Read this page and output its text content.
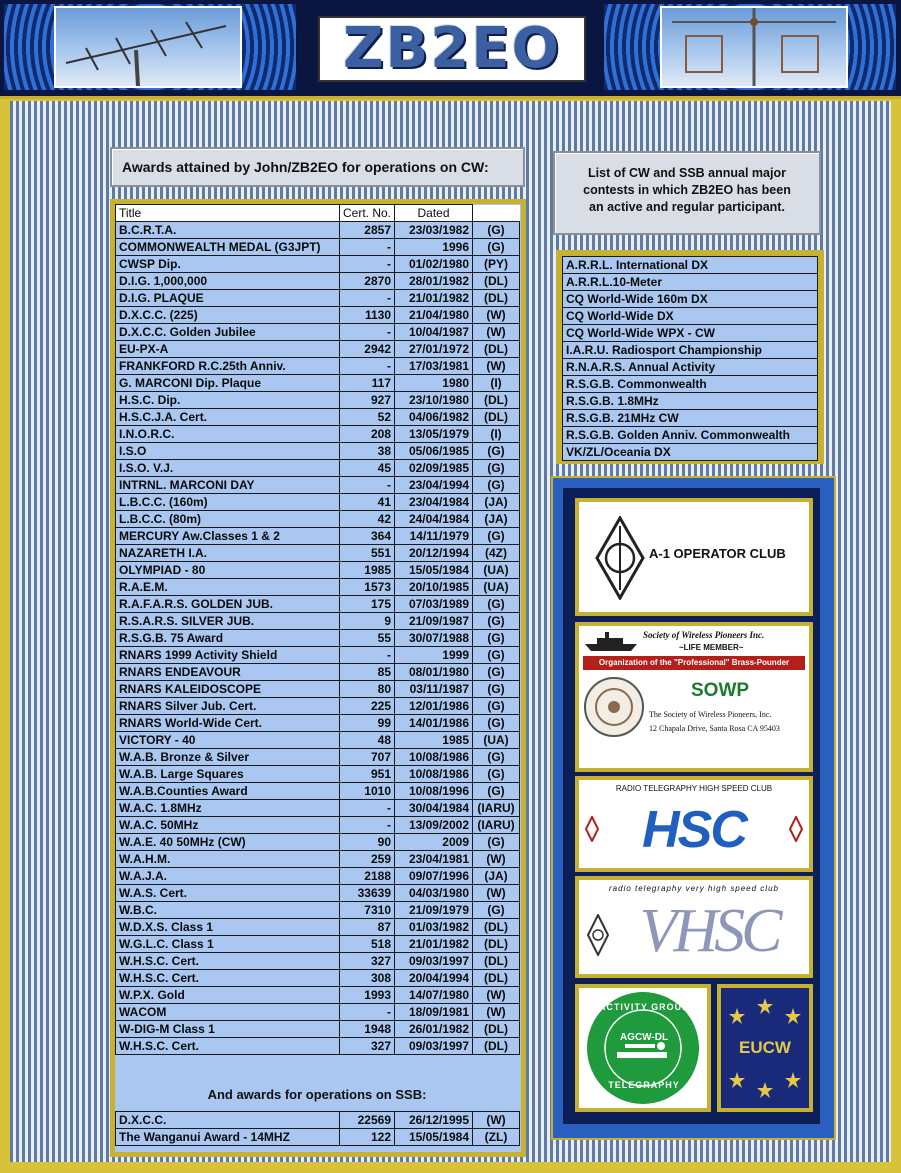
ZB2EO
Awards attained by John/ZB2EO for operations on CW:	List of CW and SSB annual major contests in which ZB2EO has been an active and regular participant.
Title	Cert. No.	Dated	
B.C.R.T.A.	2857	23/03/1982	(G)
COMMONWEALTH MEDAL (G3JPT)	-	1996	(G)
CWSP Dip.	-	01/02/1980	(PY)
D.I.G. 1,000,000	2870	28/01/1982	(DL)
D.I.G. PLAQUE	-	21/01/1982	(DL)
D.X.C.C. (225)	1130	21/04/1980	(W)
D.X.C.C. Golden Jubilee	-	10/04/1987	(W)
EU-PX-A	2942	27/01/1972	(DL)
FRANKFORD R.C.25th Anniv.	-	17/03/1981	(W)
G. MARCONI Dip. Plaque	117	1980	(I)
H.S.C. Dip.	927	23/10/1980	(DL)
H.S.C.J.A. Cert.	52	04/06/1982	(DL)
I.N.O.R.C.	208	13/05/1979	(I)
I.S.O	38	05/06/1985	(G)
I.S.O. V.J.	45	02/09/1985	(G)
INTRNL. MARCONI DAY	-	23/04/1994	(G)
L.B.C.C. (160m)	41	23/04/1984	(JA)
L.B.C.C. (80m)	42	24/04/1984	(JA)
MERCURY Aw.Classes 1 & 2	364	14/11/1979	(G)
NAZARETH I.A.	551	20/12/1994	(4Z)
OLYMPIAD - 80	1985	15/05/1984	(UA)
R.A.E.M.	1573	20/10/1985	(UA)
R.A.F.A.R.S. GOLDEN JUB.	175	07/03/1989	(G)
R.S.A.R.S. SILVER JUB.	9	21/09/1987	(G)
R.S.G.B. 75 Award	55	30/07/1988	(G)
RNARS 1999 Activity Shield	-	1999	(G)
RNARS ENDEAVOUR	85	08/01/1980	(G)
RNARS KALEIDOSCOPE	80	03/11/1987	(G)
RNARS Silver Jub. Cert.	225	12/01/1986	(G)
RNARS World-Wide Cert.	99	14/01/1986	(G)
VICTORY - 40	48	1985	(UA)
W.A.B. Bronze & Silver	707	10/08/1986	(G)
W.A.B. Large Squares	951	10/08/1986	(G)
W.A.B.Counties Award	1010	10/08/1996	(G)
W.A.C. 1.8MHz	-	30/04/1984	(IARU)
W.A.C. 50MHz	-	13/09/2002	(IARU)
W.A.E. 40 50MHz (CW)	90	2009	(G)
W.A.H.M.	259	23/04/1981	(W)
W.A.J.A.	2188	09/07/1996	(JA)
W.A.S. Cert.	33639	04/03/1980	(W)
W.B.C.	7310	21/09/1979	(G)
W.D.X.S. Class 1	87	01/03/1982	(DL)
W.G.L.C. Class 1	518	21/01/1982	(DL)
W.H.S.C. Cert.	327	09/03/1997	(DL)
W.H.S.C. Cert.	308	20/04/1994	(DL)
W.P.X. Gold	1993	14/07/1980	(W)
WACOM	-	18/09/1981	(W)
W-DIG-M Class 1	1948	26/01/1982	(DL)
W.H.S.C. Cert.	327	09/03/1997	(DL)
And awards for operations on SSB:
D.X.C.C.	22569	26/12/1995	(W)
The Wanganui Award - 14MHZ	122	15/05/1984	(ZL)
A.R.R.L. International DX
A.R.R.L.10-Meter
CQ World-Wide 160m DX
CQ World-Wide DX
CQ World-Wide WPX - CW
I.A.R.U. Radiosport Championship
R.N.A.R.S. Annual Activity
R.S.G.B. Commonwealth
R.S.G.B. 1.8MHz
R.S.G.B. 21MHz CW
R.S.G.B. Golden Anniv. Commonwealth
VK/ZL/Oceania DX
A-1 OPERATOR CLUB
Society of Wireless Pioneers Inc.
~LIFE MEMBER~
Organization of the "Professional" Brass-Pounder
SOWP
The Society of Wireless Pioneers, Inc.
12 Chapala Drive, Santa Rosa CA 95403
RADIO TELEGRAPHY HIGH SPEED CLUB
HSC
radio telegraphy very high speed club
VHSC
ACTIVITY GROUP
AGCW-DL
TELEGRAPHY
EUCW
